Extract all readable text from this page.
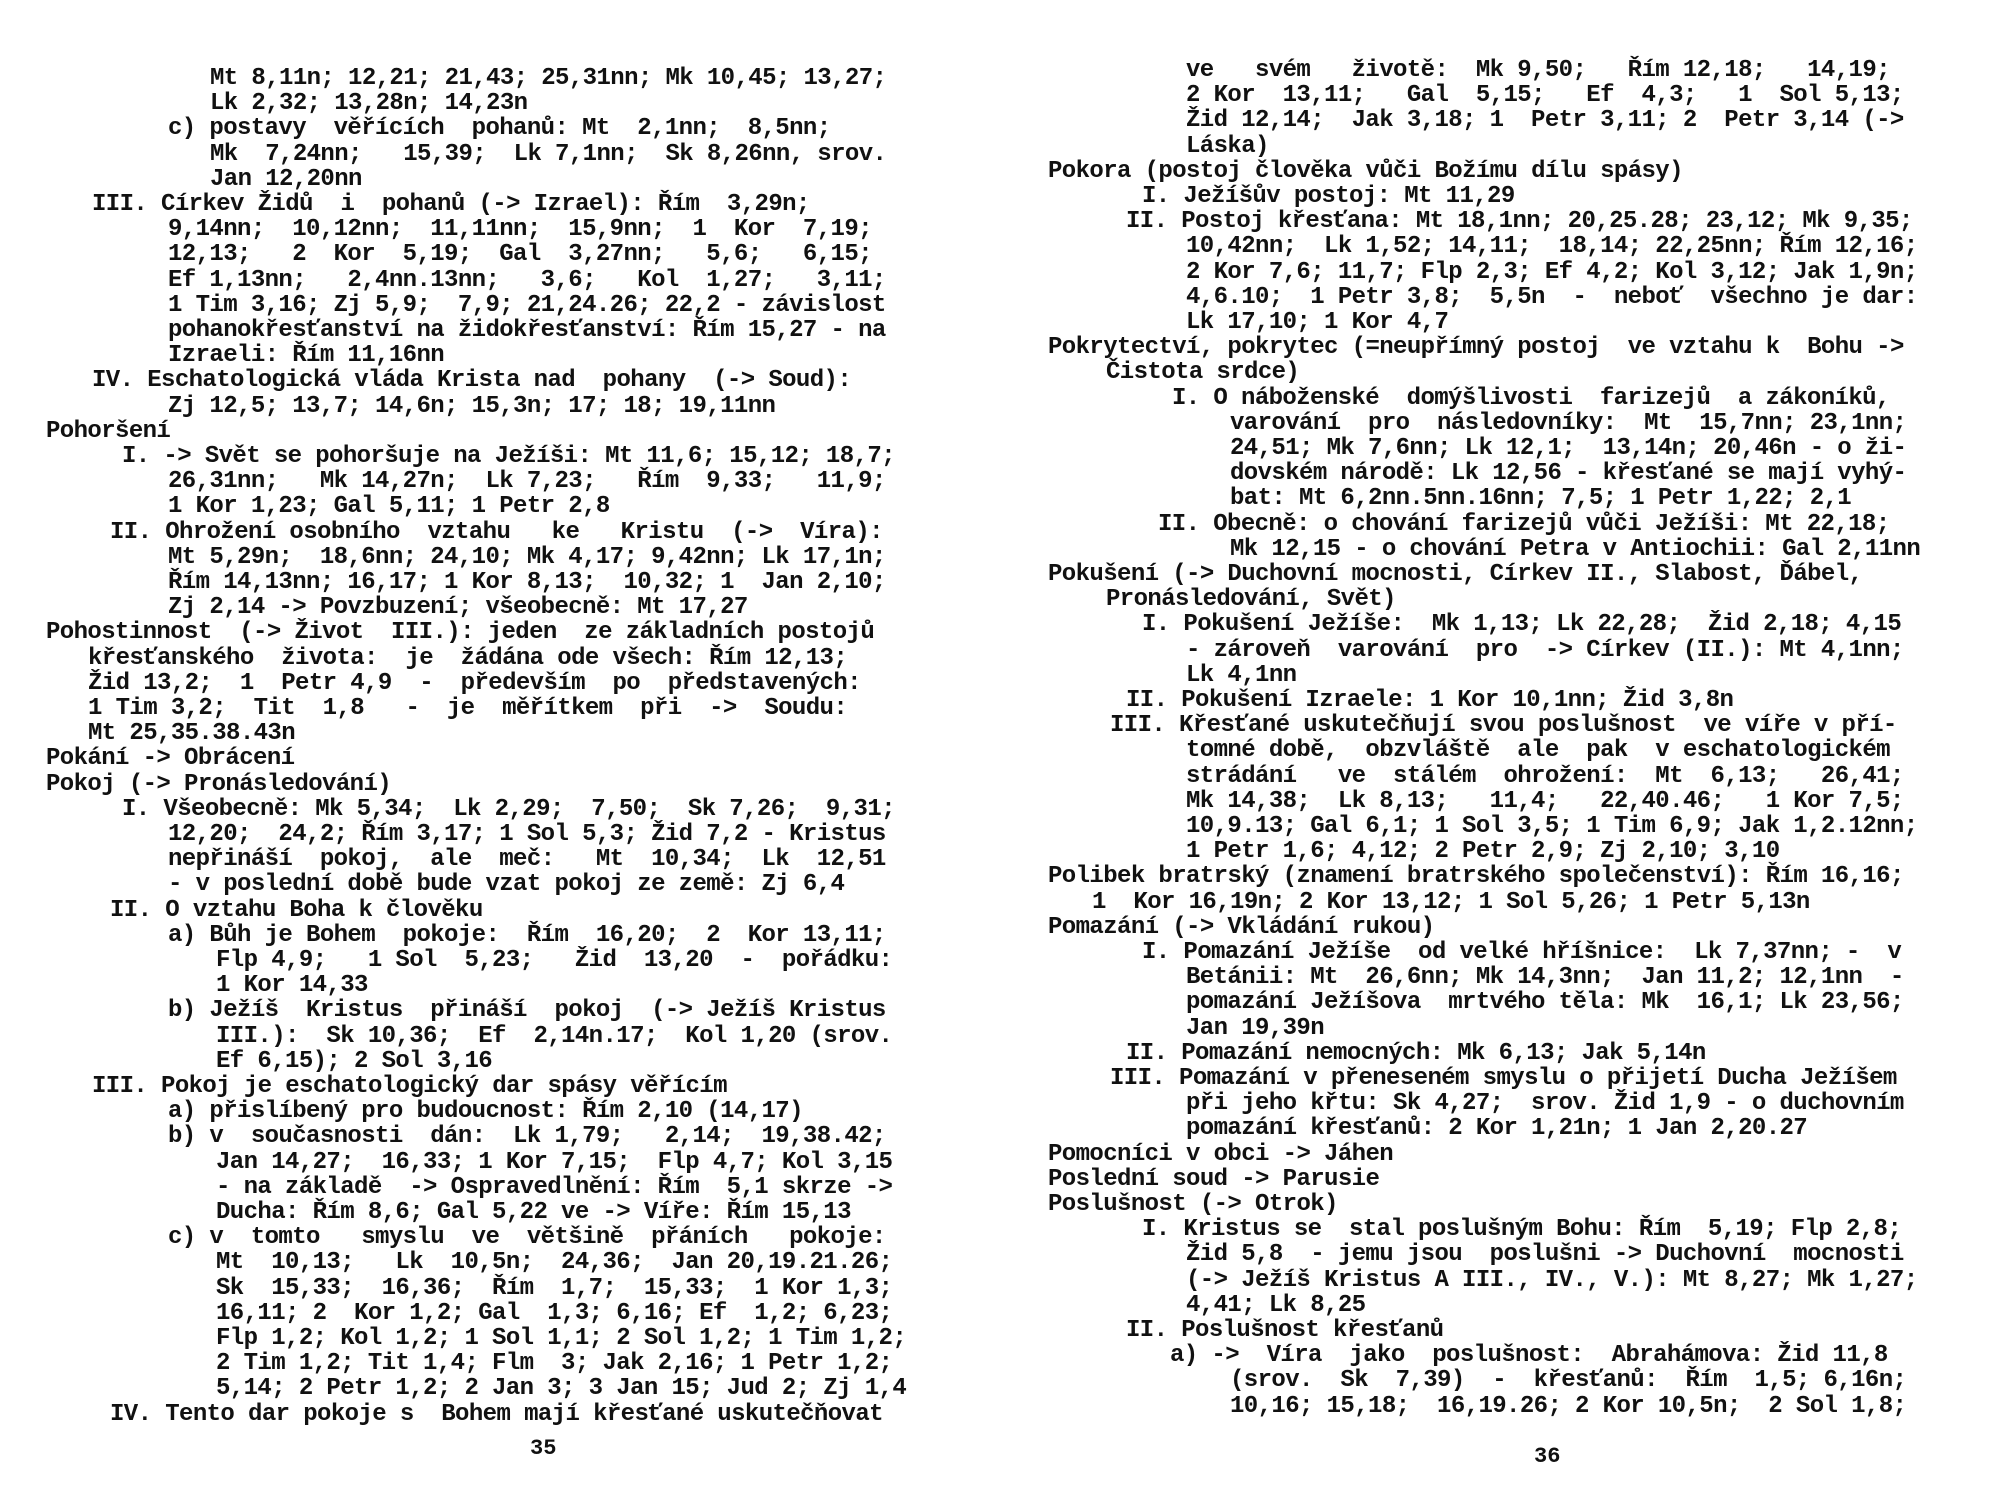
Mt 8,11n; 12,21; 21,43; 25,31nn; Mk 10,45; 13,27;
Lk 2,32; 13,28n; 14,23n
c) postavy  věřících  pohanů: Mt  2,1nn;  8,5nn;
Mk  7,24nn;   15,39;  Lk 7,1nn;  Sk 8,26nn, srov.
Jan 12,20nn
III. Církev Židů  i  pohanů (-> Izrael): Řím  3,29n;
9,14nn;  10,12nn;  11,11nn;  15,9nn;  1  Kor  7,19;
12,13;   2  Kor  5,19;  Gal  3,27nn;   5,6;   6,15;
Ef 1,13nn;   2,4nn.13nn;   3,6;   Kol  1,27;   3,11;
1 Tim 3,16; Zj 5,9;  7,9; 21,24.26; 22,2 - závislost
pohanokřesťanství na židokřesťanství: Řím 15,27 - na
Izraeli: Řím 11,16nn
IV. Eschatologická vláda Krista nad  pohany  (-> Soud):
Zj 12,5; 13,7; 14,6n; 15,3n; 17; 18; 19,11nn
Pohoršení
I. -> Svět se pohoršuje na Ježíši: Mt 11,6; 15,12; 18,7;
26,31nn;   Mk 14,27n;  Lk 7,23;   Řím  9,33;   11,9;
1 Kor 1,23; Gal 5,11; 1 Petr 2,8
II. Ohrožení osobního  vztahu   ke   Kristu  (->  Víra):
Mt 5,29n;  18,6nn; 24,10; Mk 4,17; 9,42nn; Lk 17,1n;
Řím 14,13nn; 16,17; 1 Kor 8,13;  10,32; 1  Jan 2,10;
Zj 2,14 -> Povzbuzení; všeobecně: Mt 17,27
Pohostinnost  (-> Život  III.): jeden  ze základních postojů
křesťanského  života:  je  žádána ode všech: Řím 12,13;
Žid 13,2;  1  Petr 4,9  -  především  po  představených:
1 Tim 3,2;  Tit  1,8   -  je  měřítkem  při  ->  Soudu:
Mt 25,35.38.43n
Pokání -> Obrácení
Pokoj (-> Pronásledování)
I. Všeobecně: Mk 5,34;  Lk 2,29;  7,50;  Sk 7,26;  9,31;
12,20;  24,2; Řím 3,17; 1 Sol 5,3; Žid 7,2 - Kristus
nepřináší  pokoj,  ale  meč:   Mt  10,34;  Lk  12,51
- v poslední době bude vzat pokoj ze země: Zj 6,4
II. O vztahu Boha k člověku
a) Bůh je Bohem  pokoje:  Řím  16,20;  2  Kor 13,11;
Flp 4,9;   1 Sol  5,23;   Žid  13,20  -  pořádku:
1 Kor 14,33
b) Ježíš  Kristus  přináší  pokoj  (-> Ježíš Kristus
III.):  Sk 10,36;  Ef  2,14n.17;  Kol 1,20 (srov.
Ef 6,15); 2 Sol 3,16
III. Pokoj je eschatologický dar spásy věřícím
a) přislíbený pro budoucnost: Řím 2,10 (14,17)
b) v  současnosti  dán:  Lk 1,79;   2,14;  19,38.42;
Jan 14,27;  16,33; 1 Kor 7,15;  Flp 4,7; Kol 3,15
- na základě  -> Ospravedlnění: Řím  5,1 skrze ->
Ducha: Řím 8,6; Gal 5,22 ve -> Víře: Řím 15,13
c) v  tomto   smyslu  ve  většině  přáních   pokoje:
Mt  10,13;   Lk  10,5n;  24,36;  Jan 20,19.21.26;
Sk  15,33;  16,36;  Řím  1,7;  15,33;  1 Kor 1,3;
16,11; 2  Kor 1,2; Gal  1,3; 6,16; Ef  1,2; 6,23;
Flp 1,2; Kol 1,2; 1 Sol 1,1; 2 Sol 1,2; 1 Tim 1,2;
2 Tim 1,2; Tit 1,4; Flm  3; Jak 2,16; 1 Petr 1,2;
5,14; 2 Petr 1,2; 2 Jan 3; 3 Jan 15; Jud 2; Zj 1,4
IV. Tento dar pokoje s  Bohem mají křesťané uskutečňovat
35
ve   svém   životě:  Mk 9,50;   Řím 12,18;   14,19;
2 Kor  13,11;   Gal  5,15;   Ef  4,3;   1  Sol 5,13;
Žid 12,14;  Jak 3,18; 1  Petr 3,11; 2  Petr 3,14 (->
Láska)
Pokora (postoj člověka vůči Božímu dílu spásy)
I. Ježíšův postoj: Mt 11,29
II. Postoj křesťana: Mt 18,1nn; 20,25.28; 23,12; Mk 9,35;
10,42nn;  Lk 1,52; 14,11;  18,14; 22,25nn; Řím 12,16;
2 Kor 7,6; 11,7; Flp 2,3; Ef 4,2; Kol 3,12; Jak 1,9n;
4,6.10;  1 Petr 3,8;  5,5n  -  neboť  všechno je dar:
Lk 17,10; 1 Kor 4,7
Pokrytectví, pokrytec (=neupřímný postoj  ve vztahu k  Bohu ->
Čistota srdce)
I. O náboženské  domýšlivosti  farizejů  a zákoníků,
varování  pro  následovníky:  Mt  15,7nn; 23,1nn;
24,51; Mk 7,6nn; Lk 12,1;  13,14n; 20,46n - o ži-
dovském národě: Lk 12,56 - křesťané se mají vyhý-
bat: Mt 6,2nn.5nn.16nn; 7,5; 1 Petr 1,22; 2,1
II. Obecně: o chování farizejů vůči Ježíši: Mt 22,18;
Mk 12,15 - o chování Petra v Antiochii: Gal 2,11nn
Pokušení (-> Duchovní mocnosti, Církev II., Slabost, Ďábel,
Pronásledování, Svět)
I. Pokušení Ježíše:  Mk 1,13; Lk 22,28;  Žid 2,18; 4,15
- zároveň  varování  pro  -> Církev (II.): Mt 4,1nn;
Lk 4,1nn
II. Pokušení Izraele: 1 Kor 10,1nn; Žid 3,8n
III. Křesťané uskutečňují svou poslušnost  ve víře v pří-
tomné době,  obzvláště  ale  pak  v eschatologickém
strádání   ve  stálém  ohrožení:  Mt  6,13;   26,41;
Mk 14,38;  Lk 8,13;   11,4;   22,40.46;   1 Kor 7,5;
10,9.13; Gal 6,1; 1 Sol 3,5; 1 Tim 6,9; Jak 1,2.12nn;
1 Petr 1,6; 4,12; 2 Petr 2,9; Zj 2,10; 3,10
Polibek bratrský (znamení bratrského společenství): Řím 16,16;
1  Kor 16,19n; 2 Kor 13,12; 1 Sol 5,26; 1 Petr 5,13n
Pomazání (-> Vkládání rukou)
I. Pomazání Ježíše  od velké hříšnice:  Lk 7,37nn; -  v
Betánii: Mt  26,6nn; Mk 14,3nn;  Jan 11,2; 12,1nn  -
pomazání Ježíšova  mrtvého těla: Mk  16,1; Lk 23,56;
Jan 19,39n
II. Pomazání nemocných: Mk 6,13; Jak 5,14n
III. Pomazání v přeneseném smyslu o přijetí Ducha Ježíšem
při jeho křtu: Sk 4,27;  srov. Žid 1,9 - o duchovním
pomazání křesťanů: 2 Kor 1,21n; 1 Jan 2,20.27
Pomocníci v obci -> Jáhen
Poslední soud -> Parusie
Poslušnost (-> Otrok)
I. Kristus se  stal poslušným Bohu: Řím  5,19; Flp 2,8;
Žid 5,8  - jemu jsou  poslušni -> Duchovní  mocnosti
(-> Ježíš Kristus A III., IV., V.): Mt 8,27; Mk 1,27;
4,41; Lk 8,25
II. Poslušnost křesťanů
a) ->  Víra  jako  poslušnost:  Abrahámova: Žid 11,8
(srov.  Sk  7,39)  -  křesťanů:  Řím  1,5; 6,16n;
10,16; 15,18;  16,19.26; 2 Kor 10,5n;  2 Sol 1,8;
36
